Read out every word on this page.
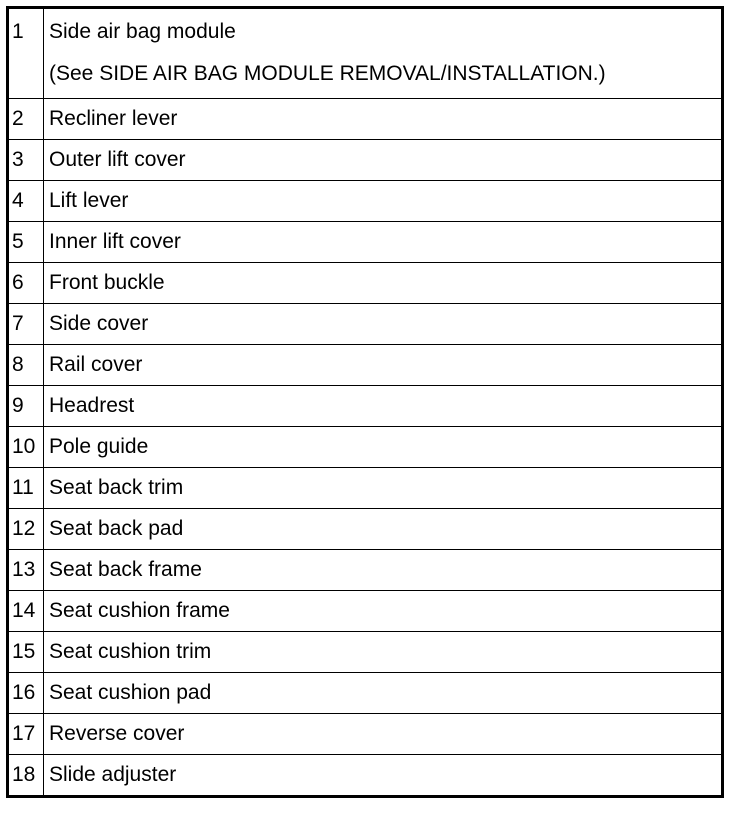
1	Side air bag module
(See SIDE AIR BAG MODULE REMOVAL/INSTALLATION.)

2	Recliner lever
3	Outer lift cover
4	Lift lever
5	Inner lift cover
6	Front buckle
7	Side cover
8	Rail cover
9	Headrest
10	Pole guide
11	Seat back trim
12	Seat back pad
13	Seat back frame
14	Seat cushion frame
15	Seat cushion trim
16	Seat cushion pad
17	Reverse cover
18	Slide adjuster
